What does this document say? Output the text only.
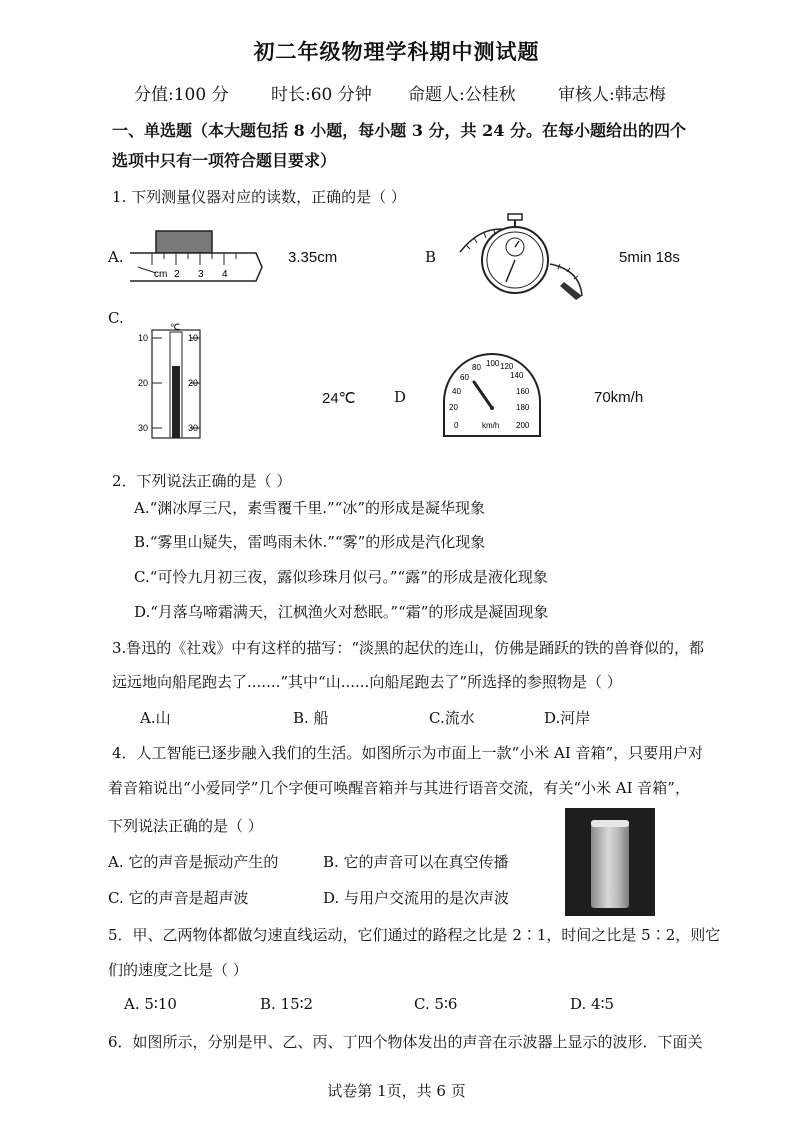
初二年级物理学科期中测试题
分值:100 分 时长:60 分钟 命题人:公桂秋 审核人:韩志梅
一、单选题（本大题包括 8 小题，每小题 3 分，共 24 分。在每小题给出的四个
选项中只有一项符合题目要求）
1. 下列测量仪器对应的读数，正确的是（ ）
A.
cm 2 3 4
3.35cm	B	5min 18s
C.	℃
10	10
20	20
30	30
24℃	D
0
20
40
60
80 100 120
140
160
180
200
km/h
70km/h
2．下列说法正确的是（ ）
A.“渊冰厚三尺，素雪覆千里.”“冰”的形成是凝华现象
B.“雾里山疑失，雷鸣雨未休.”“雾”的形成是汽化现象
C.“可怜九月初三夜，露似珍珠月似弓。”“露”的形成是液化现象
D.“月落乌啼霜满天，江枫渔火对愁眠。”“霜”的形成是凝固现象
3.鲁迅的《社戏》中有这样的描写：“淡黑的起伏的连山，仿佛是踊跃的铁的兽脊似的，都
远远地向船尾跑去了.......”其中“山......向船尾跑去了”所选择的参照物是（ ）
A.山	B. 船	C.流水	D.河岸
4．人工智能已逐步融入我们的生活。如图所示为市面上一款“小米 AI 音箱”，只要用户对
着音箱说出“小爱同学”几个字便可唤醒音箱并与其进行语音交流，有关“小米 AI 音箱”，
下列说法正确的是（ ）
A. 它的声音是振动产生的	B. 它的声音可以在真空传播
C. 它的声音是超声波	D. 与用户交流用的是次声波
5．甲、乙两物体都做匀速直线运动，它们通过的路程之比是 2∶1，时间之比是 5∶2，则它
们的速度之比是（ ）
A. 5∶10	B. 15∶2	C. 5∶6	D. 4∶5
6．如图所示，分别是甲、乙、丙、丁四个物体发出的声音在示波器上显示的波形．下面关
试卷第 1页，共 6 页
